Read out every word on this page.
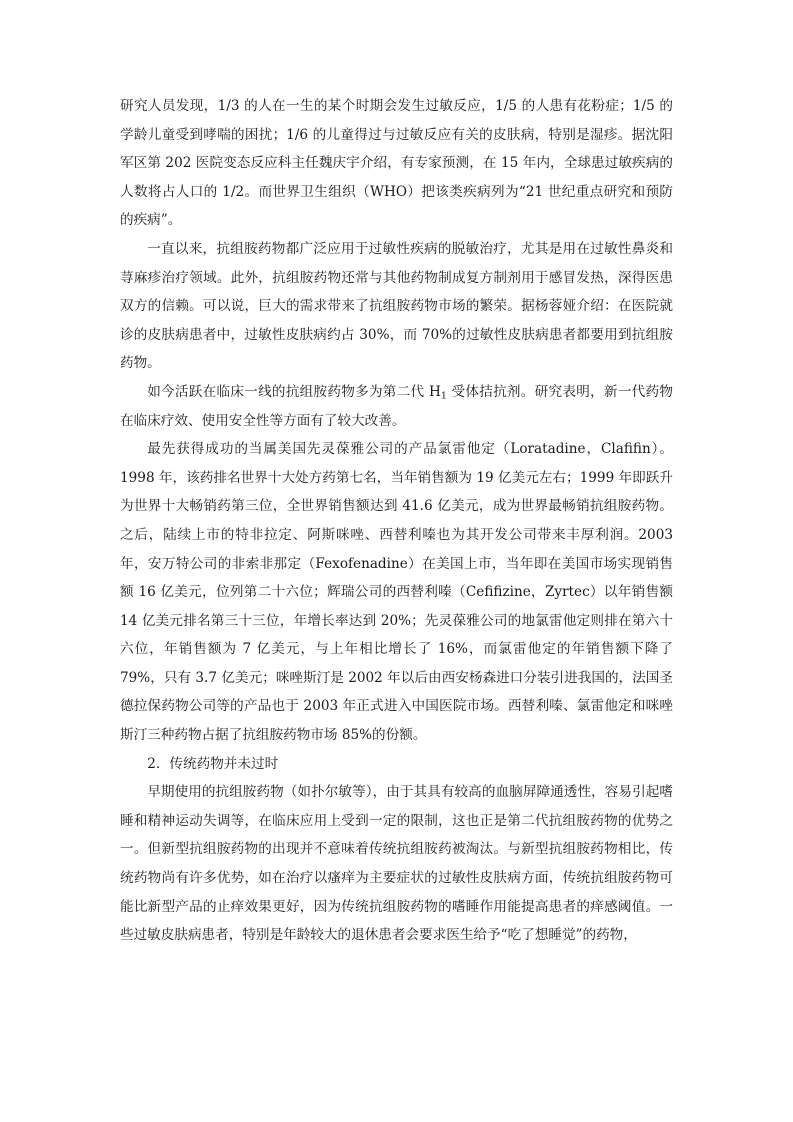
研究人员发现，1/3 的人在一生的某个时期会发生过敏反应，1/5 的人患有花粉症；1/5 的学龄儿童受到哮喘的困扰；1/6 的儿童得过与过敏反应有关的皮肤病，特别是湿疹。据沈阳军区第 202 医院变态反应科主任魏庆宇介绍，有专家预测，在 15 年内，全球患过敏疾病的人数将占人口的 1/2。而世界卫生组织（WHO）把该类疾病列为“21 世纪重点研究和预防的疾病”。

一直以来，抗组胺药物都广泛应用于过敏性疾病的脱敏治疗，尤其是用在过敏性鼻炎和荨麻疹治疗领域。此外，抗组胺药物还常与其他药物制成复方制剂用于感冒发热，深得医患双方的信赖。可以说，巨大的需求带来了抗组胺药物市场的繁荣。据杨蓉娅介绍：在医院就诊的皮肤病患者中，过敏性皮肤病约占 30%，而 70%的过敏性皮肤病患者都要用到抗组胺药物。

如今活跃在临床一线的抗组胺药物多为第二代 $H_1$ 受体拮抗剂。研究表明，新一代药物在临床疗效、使用安全性等方面有了较大改善。

最先获得成功的当属美国先灵葆雅公司的产品氯雷他定（Loratadine，Clafifin）。1998 年，该药排名世界十大处方药第七名，当年销售额为 19 亿美元左右；1999 年即跃升为世界十大畅销药第三位，全世界销售额达到 41.6 亿美元，成为世界最畅销抗组胺药物。之后，陆续上市的特非拉定、阿斯咪唑、西替利嗪也为其开发公司带来丰厚利润。2003 年，安万特公司的非索非那定（Fexofenadine）在美国上市，当年即在美国市场实现销售额 16 亿美元，位列第二十六位；辉瑞公司的西替利嗪（Cefifizine，Zyrtec）以年销售额 14 亿美元排名第三十三位，年增长率达到 20%；先灵葆雅公司的地氯雷他定则排在第六十六位，年销售额为 7 亿美元，与上年相比增长了 16%，而氯雷他定的年销售额下降了 79%，只有 3.7 亿美元；咪唑斯汀是 2002 年以后由西安杨森进口分装引进我国的，法国圣德拉保药物公司等的产品也于 2003 年正式进入中国医院市场。西替利嗪、氯雷他定和咪唑斯汀三种药物占据了抗组胺药物市场 85%的份额。

2．传统药物并未过时

早期使用的抗组胺药物（如扑尔敏等），由于其具有较高的血脑屏障通透性，容易引起嗜睡和精神运动失调等，在临床应用上受到一定的限制，这也正是第二代抗组胺药物的优势之一。但新型抗组胺药物的出现并不意味着传统抗组胺药被淘汰。与新型抗组胺药物相比，传统药物尚有许多优势，如在治疗以瘙痒为主要症状的过敏性皮肤病方面，传统抗组胺药物可能比新型产品的止痒效果更好，因为传统抗组胺药物的嗜睡作用能提高患者的痒感阈值。一些过敏皮肤病患者，特别是年龄较大的退休患者会要求医生给予“吃了想睡觉”的药物，
